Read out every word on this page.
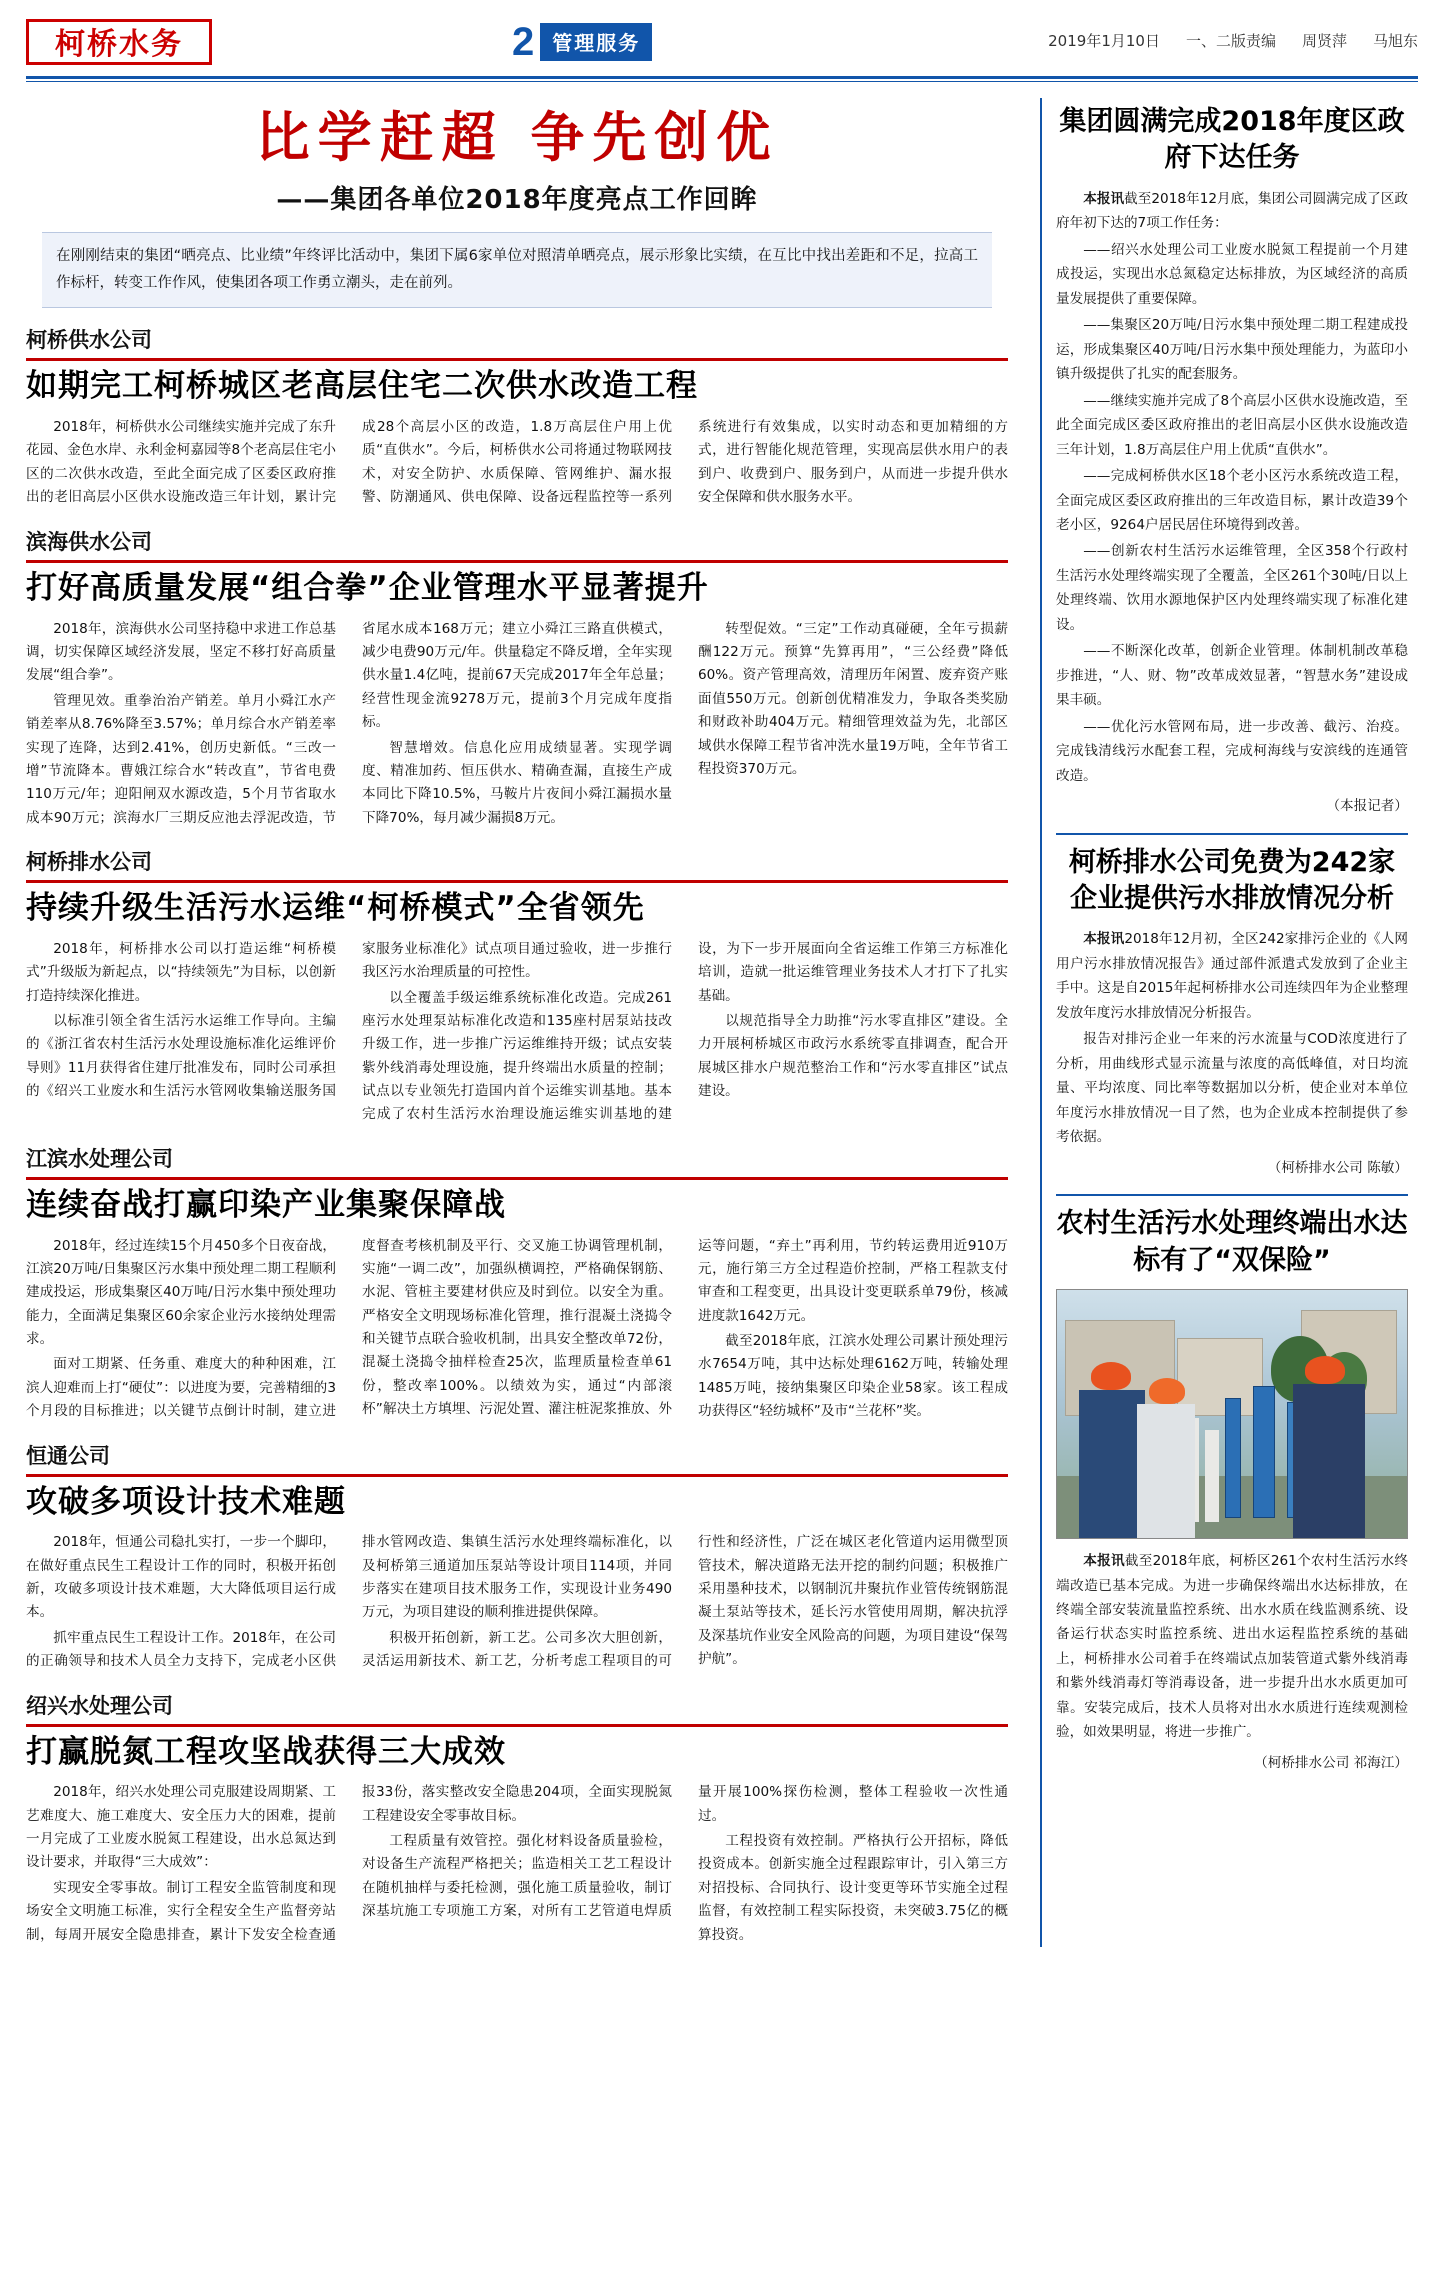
柯桥水务	2 管理服务	2019年1月10日 一、二版责编 周贤萍 马旭东
比学赶超 争先创优
——集团各单位2018年度亮点工作回眸
在刚刚结束的集团“晒亮点、比业绩”年终评比活动中，集团下属6家单位对照清单晒亮点，展示形象比实绩，在互比中找出差距和不足，拉高工作标杆，转变工作作风，使集团各项工作勇立潮头，走在前列。
柯桥供水公司
如期完工柯桥城区老高层住宅二次供水改造工程

2018年，柯桥供水公司继续实施并完成了东升花园、金色水岸、永利金柯嘉园等8个老高层住宅小区的二次供水改造，至此全面完成了区委区政府推出的老旧高层小区供水设施改造三年计划，累计完成28个高层小区的改造，1.8万高层住户用上优质“直供水”。今后，柯桥供水公司将通过物联网技术，对安全防护、水质保障、管网维护、漏水报警、防潮通风、供电保障、设备远程监控等一系列系统进行有效集成，以实时动态和更加精细的方式，进行智能化规范管理，实现高层供水用户的表到户、收费到户、服务到户，从而进一步提升供水安全保障和供水服务水平。

滨海供水公司
打好高质量发展“组合拳”企业管理水平显著提升

2018年，滨海供水公司坚持稳中求进工作总基调，切实保障区域经济发展，坚定不移打好高质量发展“组合拳”。

管理见效。重拳治治产销差。单月小舜江水产销差率从8.76%降至3.57%；单月综合水产销差率实现了连降，达到2.41%，创历史新低。“三改一增”节流降本。曹娥江综合水“转改直”，节省电费110万元/年；迎阳闸双水源改造，5个月节省取水成本90万元；滨海水厂三期反应池去浮泥改造，节省尾水成本168万元；建立小舜江三路直供模式，减少电费90万元/年。供量稳定不降反增，全年实现供水量1.4亿吨，提前67天完成2017年全年总量；经营性现金流9278万元，提前3个月完成年度指标。

智慧增效。信息化应用成绩显著。实现学调度、精准加药、恒压供水、精确查漏，直接生产成本同比下降10.5%，马鞍片片夜间小舜江漏损水量下降70%，每月减少漏损8万元。

转型促效。“三定”工作动真碰硬，全年亏损薪酬122万元。预算“先算再用”，“三公经费”降低60%。资产管理高效，清理历年闲置、废弃资产账面值550万元。创新创优精准发力，争取各类奖励和财政补助404万元。精细管理效益为先，北部区域供水保障工程节省冲洗水量19万吨，全年节省工程投资370万元。

柯桥排水公司
持续升级生活污水运维“柯桥模式”全省领先

2018年，柯桥排水公司以打造运维“柯桥模式”升级版为新起点，以“持续领先”为目标，以创新打造持续深化推进。

以标准引领全省生活污水运维工作导向。主编的《浙江省农村生活污水处理设施标准化运维评价导则》11月获得省住建厅批准发布，同时公司承担的《绍兴工业废水和生活污水管网收集输送服务国家服务业标准化》试点项目通过验收，进一步推行我区污水治理质量的可控性。

以全覆盖手级运维系统标准化改造。完成261座污水处理泵站标准化改造和135座村居泵站技改升级工作，进一步推广污运维维持开级；试点安装紫外线消毒处理设施，提升终端出水质量的控制；试点以专业领先打造国内首个运维实训基地。基本完成了农村生活污水治理设施运维实训基地的建设，为下一步开展面向全省运维工作第三方标准化培训，造就一批运维管理业务技术人才打下了扎实基础。

以规范指导全力助推“污水零直排区”建设。全力开展柯桥城区市政污水系统零直排调查，配合开展城区排水户规范整治工作和“污水零直排区”试点建设。

江滨水处理公司
连续奋战打赢印染产业集聚保障战

2018年，经过连续15个月450多个日夜奋战，江滨20万吨/日集聚区污水集中预处理二期工程顺利建成投运，形成集聚区40万吨/日污水集中预处理功能力，全面满足集聚区60余家企业污水接纳处理需求。

面对工期紧、任务重、难度大的种种困难，江滨人迎难而上打“硬仗”：以进度为要，完善精细的3个月段的目标推进；以关键节点倒计时制，建立进度督查考核机制及平行、交叉施工协调管理机制，实施“一调二改”，加强纵横调控，严格确保钢筋、水泥、管桩主要建材供应及时到位。以安全为重。严格安全文明现场标准化管理，推行混凝土浇捣令和关键节点联合验收机制，出具安全整改单72份，混凝土浇捣令抽样检查25次，监理质量检查单61份，整改率100%。以绩效为实，通过“内部滚杯”解决土方填埋、污泥处置、灌注桩泥浆推放、外运等问题，“弃土”再利用，节约转运费用近910万元，施行第三方全过程造价控制，严格工程款支付审查和工程变更，出具设计变更联系单79份，核减进度款1642万元。

截至2018年底，江滨水处理公司累计预处理污水7654万吨，其中达标处理6162万吨，转输处理1485万吨，接纳集聚区印染企业58家。该工程成功获得区“轻纺城杯”及市“兰花杯”奖。

恒通公司
攻破多项设计技术难题

2018年，恒通公司稳扎实打，一步一个脚印，在做好重点民生工程设计工作的同时，积极开拓创新，攻破多项设计技术难题，大大降低项目运行成本。

抓牢重点民生工程设计工作。2018年，在公司的正确领导和技术人员全力支持下，完成老小区供排水管网改造、集镇生活污水处理终端标准化，以及柯桥第三通道加压泵站等设计项目114项，并同步落实在建项目技术服务工作，实现设计业务490万元，为项目建设的顺利推进提供保障。

积极开拓创新，新工艺。公司多次大胆创新，灵活运用新技术、新工艺，分析考虑工程项目的可行性和经济性，广泛在城区老化管道内运用微型顶管技术，解决道路无法开挖的制约问题；积极推广采用墨种技术，以钢制沉井聚抗作业管传统钢筋混凝土泵站等技术，延长污水管使用周期，解决抗浮及深基坑作业安全风险高的问题，为项目建设“保驾护航”。

绍兴水处理公司
打赢脱氮工程攻坚战获得三大成效

2018年，绍兴水处理公司克服建设周期紧、工艺难度大、施工难度大、安全压力大的困难，提前一月完成了工业废水脱氮工程建设，出水总氮达到设计要求，并取得“三大成效”：

实现安全零事故。制订工程安全监管制度和现场安全文明施工标准，实行全程安全生产监督旁站制，每周开展安全隐患排查，累计下发安全检查通报33份，落实整改安全隐患204项，全面实现脱氮工程建设安全零事故目标。

工程质量有效管控。强化材料设备质量验检，对设备生产流程严格把关；监造相关工艺工程设计在随机抽样与委托检测，强化施工质量验收，制订深基坑施工专项施工方案，对所有工艺管道电焊质量开展100%探伤检测，整体工程验收一次性通过。

工程投资有效控制。严格执行公开招标，降低投资成本。创新实施全过程跟踪审计，引入第三方对招投标、合同执行、设计变更等环节实施全过程监督，有效控制工程实际投资，未突破3.75亿的概算投资。

集团圆满完成2018年度区政府下达任务

本报讯截至2018年12月底，集团公司圆满完成了区政府年初下达的7项工作任务：

——绍兴水处理公司工业废水脱氮工程提前一个月建成投运，实现出水总氮稳定达标排放，为区域经济的高质量发展提供了重要保障。

——集聚区20万吨/日污水集中预处理二期工程建成投运，形成集聚区40万吨/日污水集中预处理能力，为蓝印小镇升级提供了扎实的配套服务。

——继续实施并完成了8个高层小区供水设施改造，至此全面完成区委区政府推出的老旧高层小区供水设施改造三年计划，1.8万高层住户用上优质“直供水”。

——完成柯桥供水区18个老小区污水系统改造工程，全面完成区委区政府推出的三年改造目标，累计改造39个老小区，9264户居民居住环境得到改善。

——创新农村生活污水运维管理，全区358个行政村生活污水处理终端实现了全覆盖，全区261个30吨/日以上处理终端、饮用水源地保护区内处理终端实现了标准化建设。

——不断深化改革，创新企业管理。体制机制改革稳步推进，“人、财、物”改革成效显著，“智慧水务”建设成果丰硕。

——优化污水管网布局，进一步改善、截污、治疫。完成钱清线污水配套工程，完成柯海线与安滨线的连通管改造。

（本报记者）

柯桥排水公司免费为242家企业提供污水排放情况分析

本报讯2018年12月初，全区242家排污企业的《人网用户污水排放情况报告》通过部件派遣式发放到了企业主手中。这是自2015年起柯桥排水公司连续四年为企业整理发放年度污水排放情况分析报告。

报告对排污企业一年来的污水流量与COD浓度进行了分析，用曲线形式显示流量与浓度的高低峰值，对日均流量、平均浓度、同比率等数据加以分析，使企业对本单位年度污水排放情况一目了然，也为企业成本控制提供了参考依据。

（柯桥排水公司 陈敏）

农村生活污水处理终端出水达标有了“双保险”

本报讯截至2018年底，柯桥区261个农村生活污水终端改造已基本完成。为进一步确保终端出水达标排放，在终端全部安装流量监控系统、出水水质在线监测系统、设备运行状态实时监控系统、进出水运程监控系统的基础上，柯桥排水公司着手在终端试点加装管道式紫外线消毒和紫外线消毒灯等消毒设备，进一步提升出水水质更加可靠。安装完成后，技术人员将对出水水质进行连续观测检验，如效果明显，将进一步推广。

（柯桥排水公司 祁海江）
